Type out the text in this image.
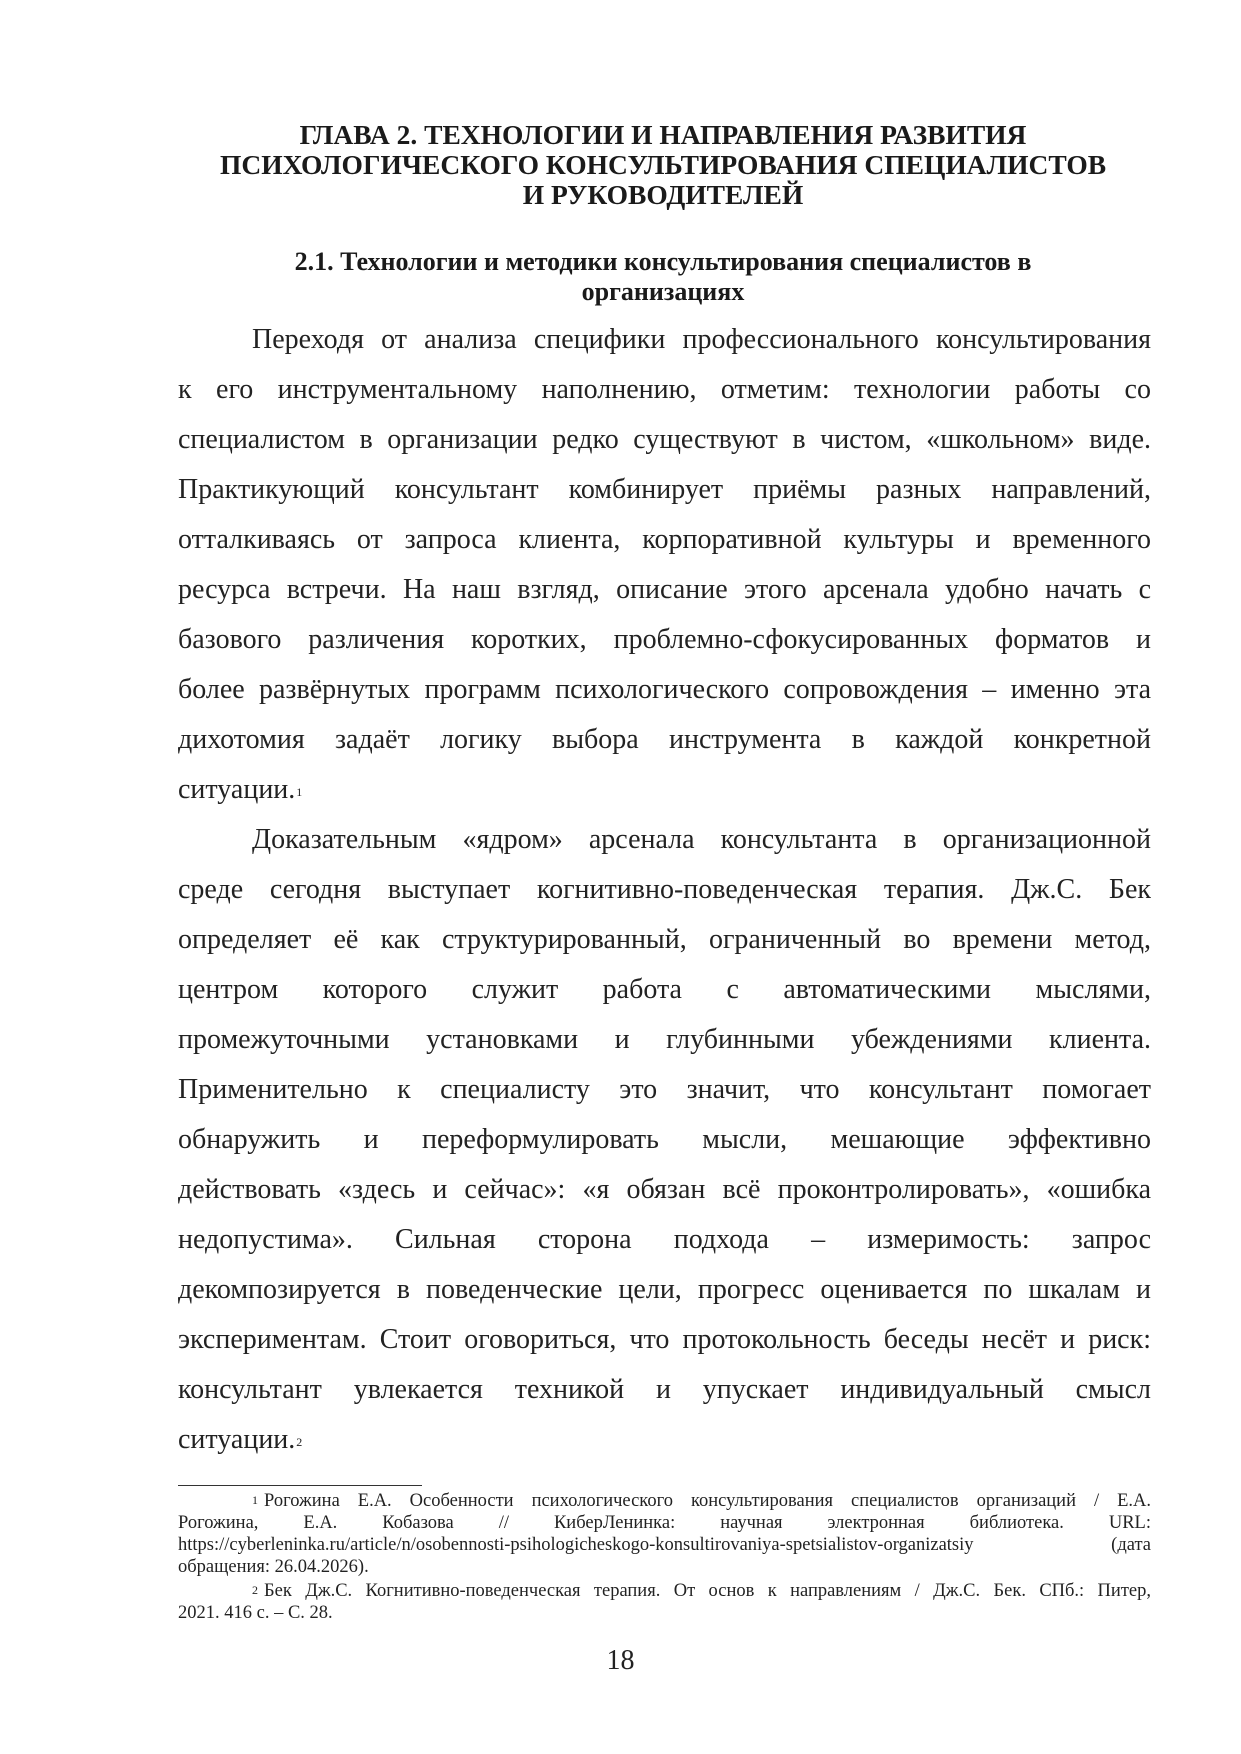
ГЛАВА 2. ТЕХНОЛОГИИ И НАПРАВЛЕНИЯ РАЗВИТИЯ
ПСИХОЛОГИЧЕСКОГО КОНСУЛЬТИРОВАНИЯ СПЕЦИАЛИСТОВ
И РУКОВОДИТЕЛЕЙ
2.1. Технологии и методики консультирования специалистов в
организациях
Переходя от анализа специфики профессионального консультирования
к его инструментальному наполнению, отметим: технологии работы со
специалистом в организации редко существуют в чистом, «школьном» виде.
Практикующий консультант комбинирует приёмы разных направлений,
отталкиваясь от запроса клиента, корпоративной культуры и временного
ресурса встречи. На наш взгляд, описание этого арсенала удобно начать с
базового различения коротких, проблемно-сфокусированных форматов и
более развёрнутых программ психологического сопровождения – именно эта
дихотомия задаёт логику выбора инструмента в каждой конкретной
ситуации.$^1$
Доказательным «ядром» арсенала консультанта в организационной
среде сегодня выступает когнитивно-поведенческая терапия. Дж.С. Бек
определяет её как структурированный, ограниченный во времени метод,
центром которого служит работа с автоматическими мыслями,
промежуточными установками и глубинными убеждениями клиента.
Применительно к специалисту это значит, что консультант помогает
обнаружить и переформулировать мысли, мешающие эффективно
действовать «здесь и сейчас»: «я обязан всё проконтролировать», «ошибка
недопустима». Сильная сторона подхода – измеримость: запрос
декомпозируется в поведенческие цели, прогресс оценивается по шкалам и
экспериментам. Стоит оговориться, что протокольность беседы несёт и риск:
консультант увлекается техникой и упускает индивидуальный смысл
ситуации.$^2$
$^1$ Рогожина Е.А. Особенности психологического консультирования специалистов организаций / Е.А.
Рогожина, Е.А. Кобазова // КиберЛенинка: научная электронная библиотека. URL:
https://cyberleninka.ru/article/n/osobennosti-psihologicheskogo-konsultirovaniya-spetsialistov-organizatsiy (дата
обращения: 26.04.2026).
$^2$ Бек Дж.С. Когнитивно-поведенческая терапия. От основ к направлениям / Дж.С. Бек. СПб.: Питер,
2021. 416 с. – С. 28.
18
